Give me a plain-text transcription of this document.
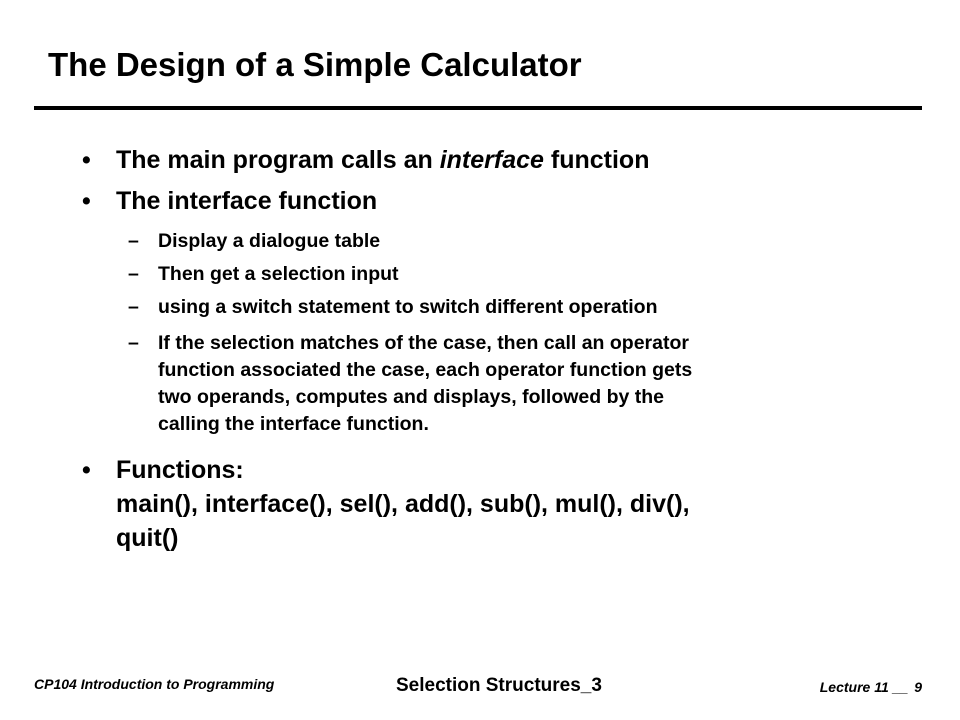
The Design of a Simple Calculator
•	The main program calls an interface function
•	The interface function
– Display a dialogue table
– Then get a selection input
– using a switch statement to switch different operation
– If the selection matches of the case, then call an operator
function associated the case, each operator function gets
two operands, computes and displays, followed by the
calling the interface function.
•	Functions:
main(), interface(), sel(), add(), sub(), mul(), div(),
quit()
CP104 Introduction to Programming	Selection Structures_3	Lecture 11 __ 9
